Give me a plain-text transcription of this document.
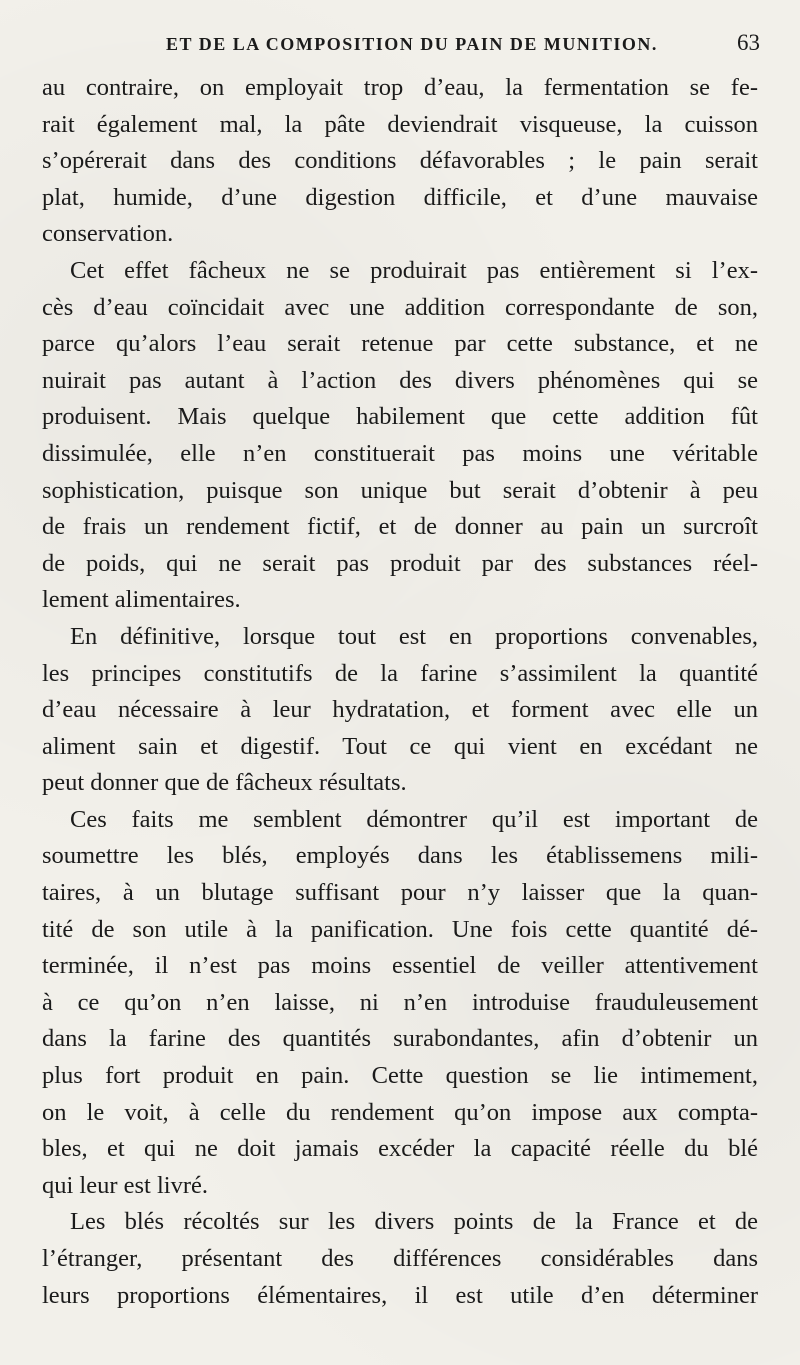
ET DE LA COMPOSITION DU PAIN DE MUNITION.	63

au contraire, on employait trop d’eau, la fermentation se fe-
rait également mal, la pâte deviendrait visqueuse, la cuisson
s’opérerait dans des conditions défavorables ; le pain serait
plat, humide, d’une digestion difficile, et d’une mauvaise
conservation.

Cet effet fâcheux ne se produirait pas entièrement si l’ex-
cès d’eau coïncidait avec une addition correspondante de son,
parce qu’alors l’eau serait retenue par cette substance, et ne
nuirait pas autant à l’action des divers phénomènes qui se
produisent. Mais quelque habilement que cette addition fût
dissimulée, elle n’en constituerait pas moins une véritable
sophistication, puisque son unique but serait d’obtenir à peu
de frais un rendement fictif, et de donner au pain un surcroît
de poids, qui ne serait pas produit par des substances réel-
lement alimentaires.

En définitive, lorsque tout est en proportions convenables,
les principes constitutifs de la farine s’assimilent la quantité
d’eau nécessaire à leur hydratation, et forment avec elle un
aliment sain et digestif. Tout ce qui vient en excédant ne
peut donner que de fâcheux résultats.

Ces faits me semblent démontrer qu’il est important de
soumettre les blés, employés dans les établissemens mili-
taires, à un blutage suffisant pour n’y laisser que la quan-
tité de son utile à la panification. Une fois cette quantité dé-
terminée, il n’est pas moins essentiel de veiller attentivement
à ce qu’on n’en laisse, ni n’en introduise frauduleusement
dans la farine des quantités surabondantes, afin d’obtenir un
plus fort produit en pain. Cette question se lie intimement,
on le voit, à celle du rendement qu’on impose aux compta-
bles, et qui ne doit jamais excéder la capacité réelle du blé
qui leur est livré.

Les blés récoltés sur les divers points de la France et de
l’étranger, présentant des différences considérables dans
leurs proportions élémentaires, il est utile d’en déterminer
